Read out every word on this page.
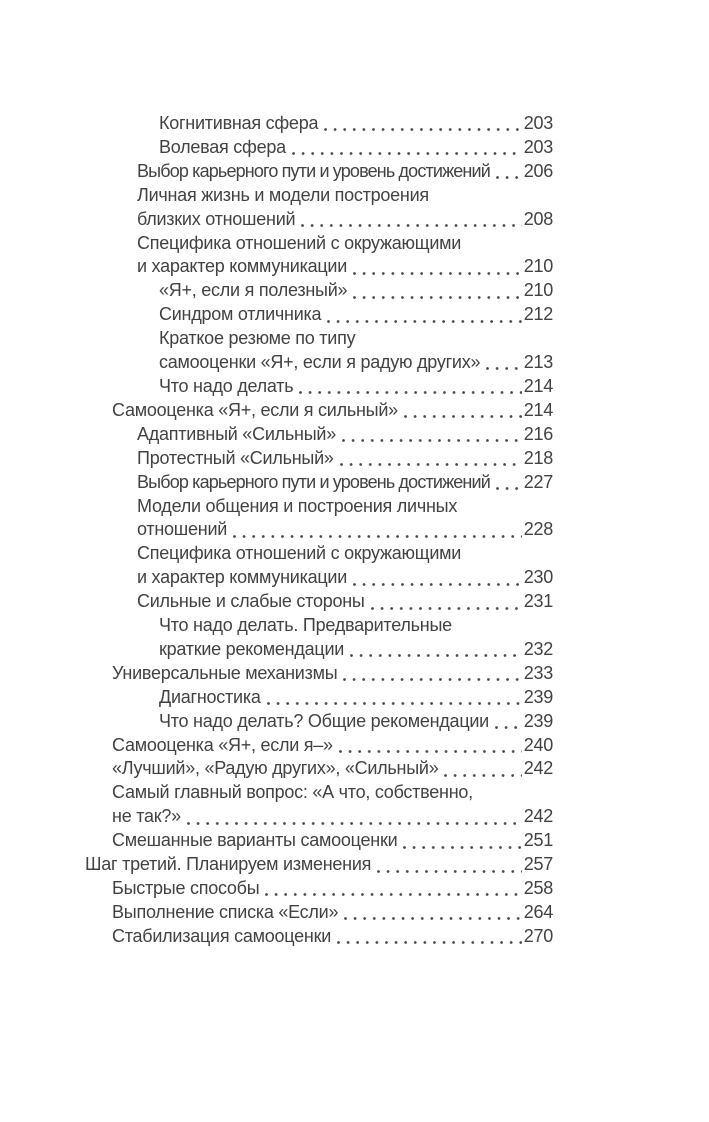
Когнитивная сфера	203
Волевая сфера	203
Выбор карьерного пути и уровень достижений 206
Личная жизнь и модели построения
близких отношений	208
Специфика отношений с окружающими
и характер коммуникации	210
«Я+, если я полезный»	210
Синдром отличника	212
Краткое резюме по типу
самооценки «Я+, если я радую других» 213
Что надо делать	214
Самооценка «Я+, если я сильный»	214
Адаптивный «Сильный»	216
Протестный «Сильный»	218
Выбор карьерного пути и уровень достижений 227
Модели общения и построения личных
отношений	228
Специфика отношений с окружающими
и характер коммуникации	230
Сильные и слабые стороны	231
Что надо делать. Предварительные
краткие рекомендации	232
Универсальные механизмы	233
Диагностика	239
Что надо делать? Общие рекомендации 239
Самооценка «Я+, если я–»	240
«Лучший», «Радую других», «Сильный»	242
Самый главный вопрос: «А что, собственно,
не так?»	242
Смешанные варианты самооценки	251
Шаг третий. Планируем изменения	257
Быстрые способы	258
Выполнение списка «Если»	264
Стабилизация самооценки	270
